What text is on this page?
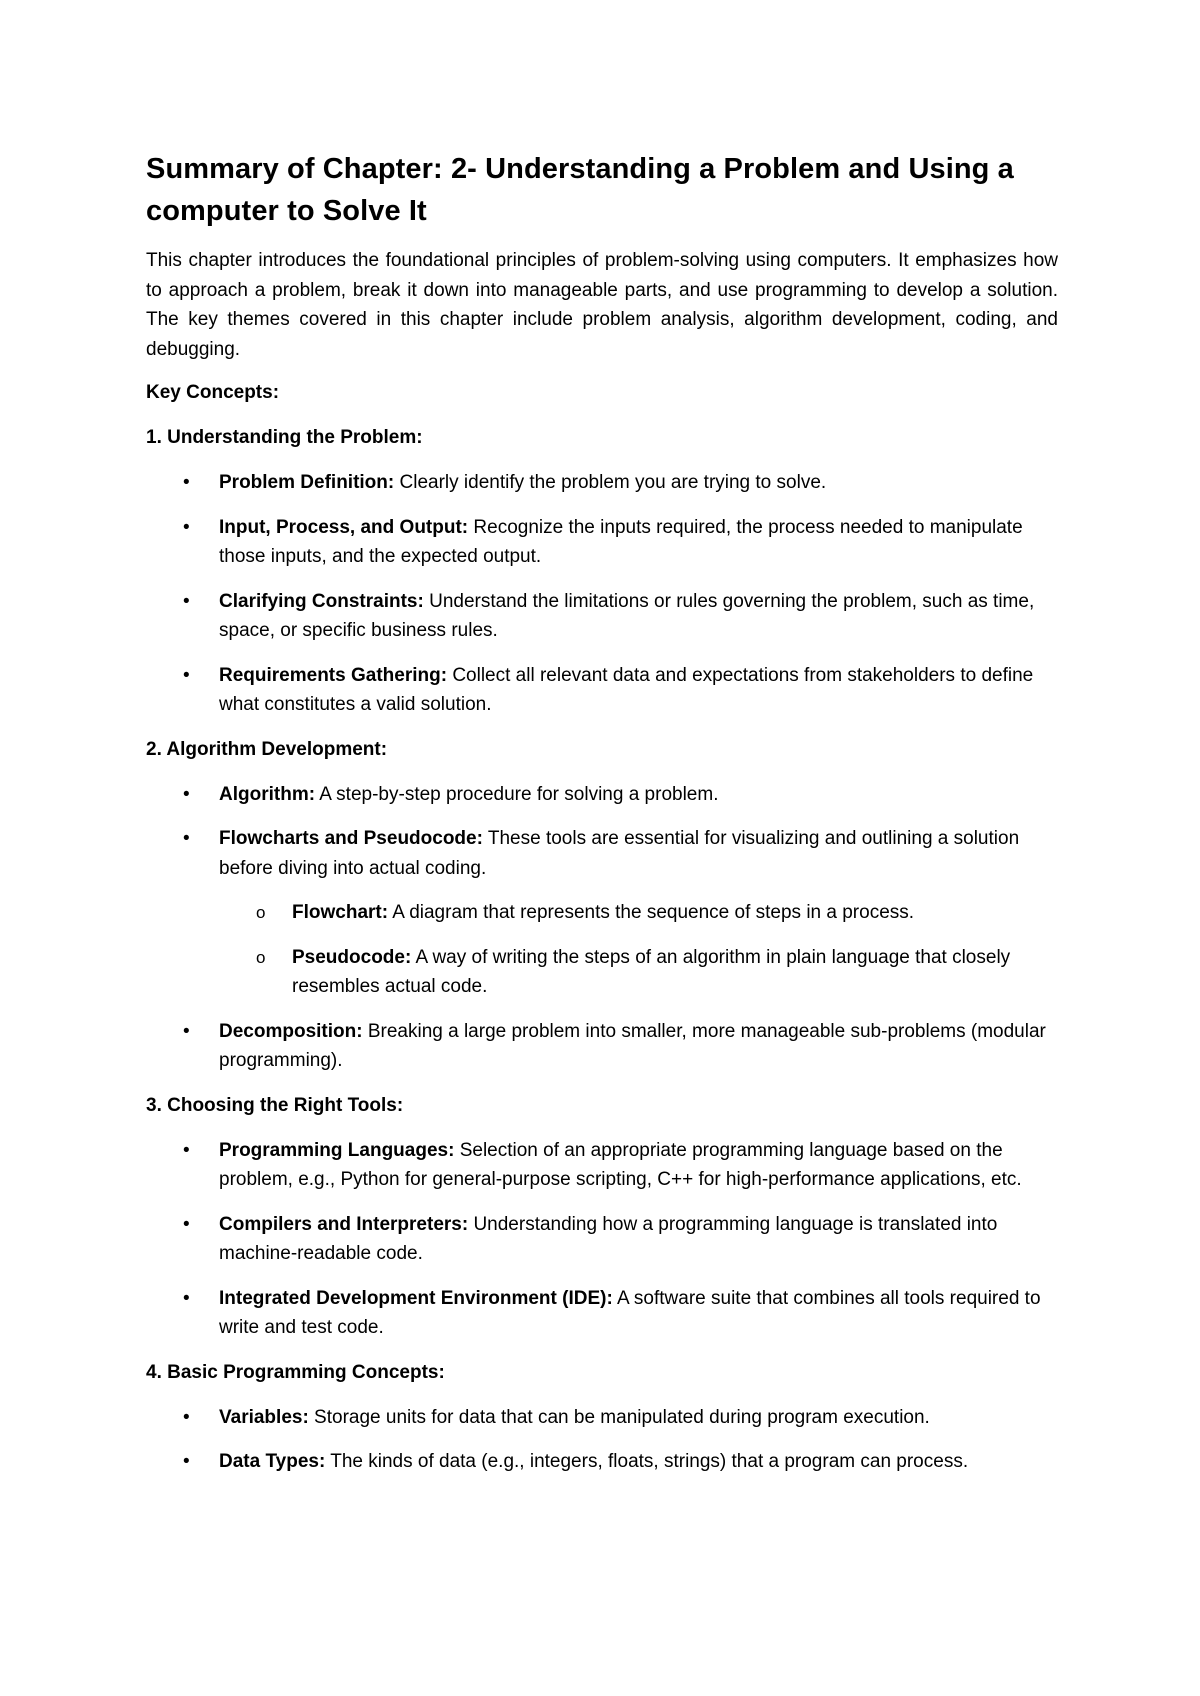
Summary of Chapter: 2- Understanding a Problem and Using a computer to Solve It

This chapter introduces the foundational principles of problem-solving using computers. It emphasizes how to approach a problem, break it down into manageable parts, and use programming to develop a solution. The key themes covered in this chapter include problem analysis, algorithm development, coding, and debugging.

Key Concepts:
1. Understanding the Problem:
• Problem Definition: Clearly identify the problem you are trying to solve.
• Input, Process, and Output: Recognize the inputs required, the process needed to manipulate those inputs, and the expected output.
• Clarifying Constraints: Understand the limitations or rules governing the problem, such as time, space, or specific business rules.
• Requirements Gathering: Collect all relevant data and expectations from stakeholders to define what constitutes a valid solution.
2. Algorithm Development:
• Algorithm: A step-by-step procedure for solving a problem.
• Flowcharts and Pseudocode: These tools are essential for visualizing and outlining a solution before diving into actual coding.
o Flowchart: A diagram that represents the sequence of steps in a process.
o Pseudocode: A way of writing the steps of an algorithm in plain language that closely resembles actual code.
• Decomposition: Breaking a large problem into smaller, more manageable sub-problems (modular programming).
3. Choosing the Right Tools:
• Programming Languages: Selection of an appropriate programming language based on the problem, e.g., Python for general-purpose scripting, C++ for high-performance applications, etc.
• Compilers and Interpreters: Understanding how a programming language is translated into machine-readable code.
• Integrated Development Environment (IDE): A software suite that combines all tools required to write and test code.
4. Basic Programming Concepts:
• Variables: Storage units for data that can be manipulated during program execution.
• Data Types: The kinds of data (e.g., integers, floats, strings) that a program can process.
